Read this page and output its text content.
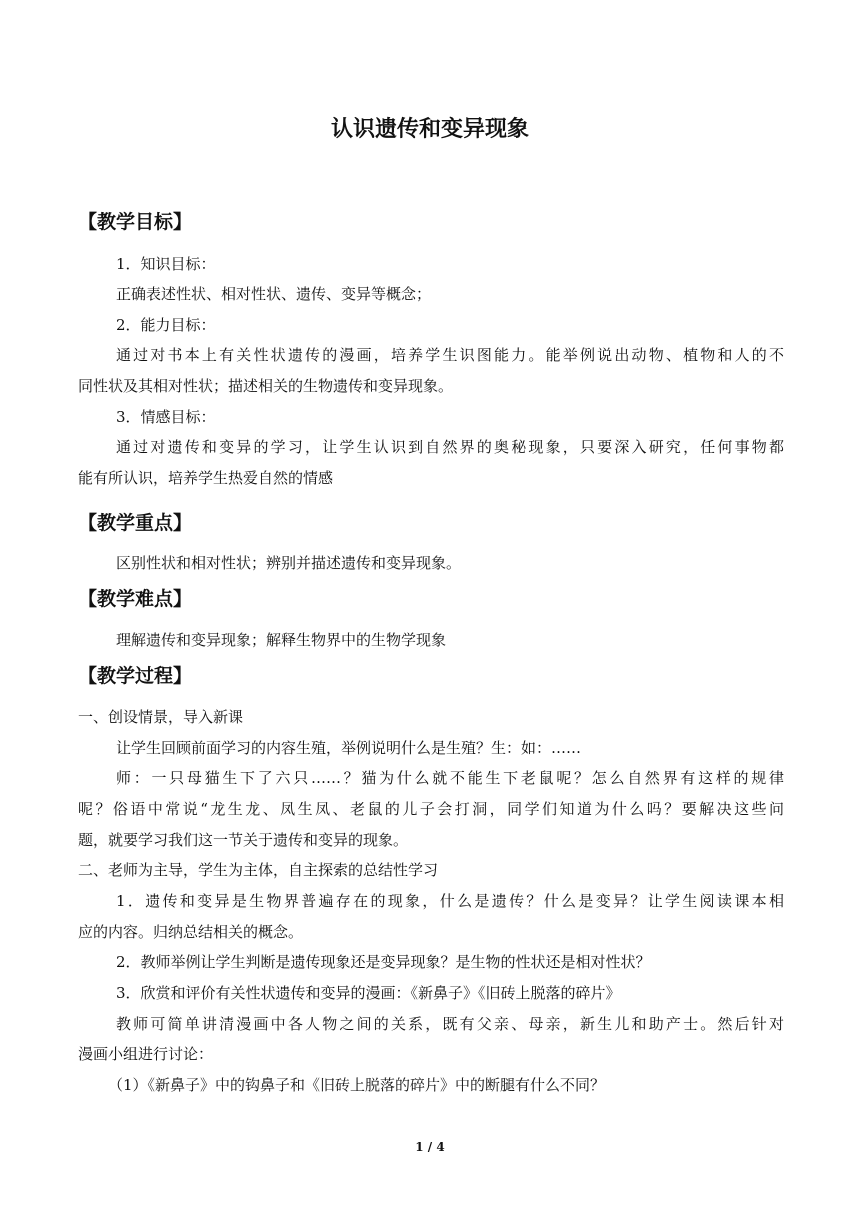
认识遗传和变异现象
【教学目标】
1．知识目标：
正确表述性状、相对性状、遗传、变异等概念；
2．能力目标：
通过对书本上有关性状遗传的漫画，培养学生识图能力。能举例说出动物、植物和人的不
同性状及其相对性状；描述相关的生物遗传和变异现象。
3．情感目标：
通过对遗传和变异的学习，让学生认识到自然界的奥秘现象，只要深入研究，任何事物都
能有所认识，培养学生热爱自然的情感
【教学重点】
区别性状和相对性状；辨别并描述遗传和变异现象。
【教学难点】
理解遗传和变异现象；解释生物界中的生物学现象
【教学过程】
一、创设情景，导入新课
让学生回顾前面学习的内容生殖，举例说明什么是生殖？生：如：……
师：一只母猫生下了六只……？猫为什么就不能生下老鼠呢？怎么自然界有这样的规律
呢？俗语中常说“龙生龙、凤生凤、老鼠的儿子会打洞，同学们知道为什么吗？要解决这些问
题，就要学习我们这一节关于遗传和变异的现象。
二、老师为主导，学生为主体，自主探索的总结性学习
1．遗传和变异是生物界普遍存在的现象，什么是遗传？什么是变异？让学生阅读课本相
应的内容。归纳总结相关的概念。
2．教师举例让学生判断是遗传现象还是变异现象？是生物的性状还是相对性状？
3．欣赏和评价有关性状遗传和变异的漫画：《新鼻子》《旧砖上脱落的碎片》
教师可简单讲清漫画中各人物之间的关系，既有父亲、母亲，新生儿和助产士。然后针对
漫画小组进行讨论：
（1）《新鼻子》中的钩鼻子和《旧砖上脱落的碎片》中的断腿有什么不同？
1 / 4
